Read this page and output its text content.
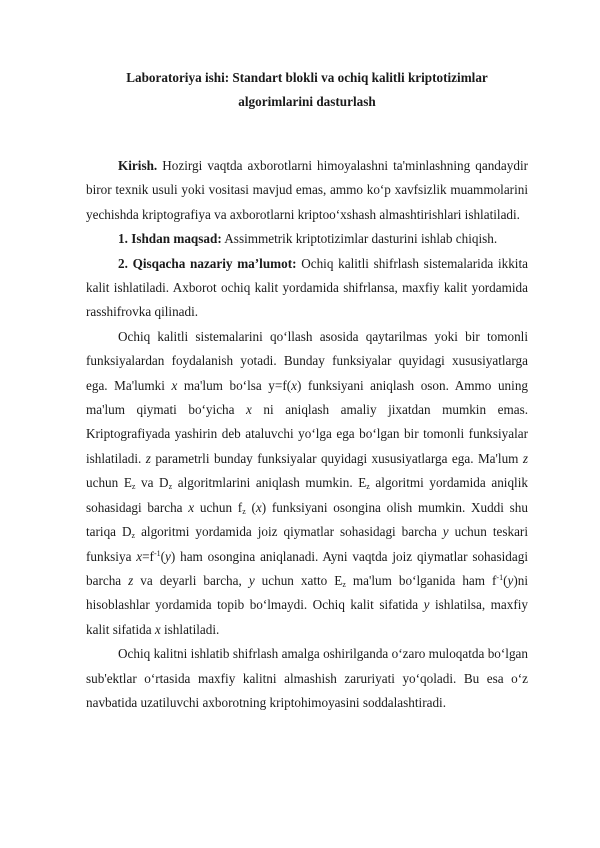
Laboratoriya ishi: Standart blokli va ochiq kalitli kriptotizimlar
algorimlarini dasturlash

Kirish. Hozirgi vaqtda axborotlarni himoyalashni ta'minlashning qandaydir biror texnik usuli yoki vositasi mavjud emas, ammo koʻp xavfsizlik muammolarini yechishda kriptografiya va axborotlarni kriptooʻxshash almashtirishlari ishlatiladi.

1. Ishdan maqsad: Assimmetrik kriptotizimlar dasturini ishlab chiqish.

2. Qisqacha nazariy maʼlumot: Ochiq kalitli shifrlash sistemalarida ikkita kalit ishlatiladi. Axborot ochiq kalit yordamida shifrlansa, maxfiy kalit yordamida rasshifrovka qilinadi.

Ochiq kalitli sistemalarini qoʻllash asosida qaytarilmas yoki bir tomonli funksiyalardan foydalanish yotadi. Bunday funksiyalar quyidagi xususiyatlarga ega. Ma'lumki x ma'lum boʻlsa y=f(x) funksiyani aniqlash oson. Ammo uning ma'lum qiymati boʻyicha x ni aniqlash amaliy jixatdan mumkin emas. Kriptografiyada yashirin deb ataluvchi yoʻlga ega boʻlgan bir tomonli funksiyalar ishlatiladi. z parametrli bunday funksiyalar quyidagi xususiyatlarga ega. Ma'lum z uchun $E_z$ va $D_z$ algoritmlarini aniqlash mumkin. $E_z$ algoritmi yordamida aniqlik sohasidagi barcha x uchun $f_z$ (x) funksiyani osongina olish mumkin. Xuddi shu tariqa $D_z$ algoritmi yordamida joiz qiymatlar sohasidagi barcha y uchun teskari funksiya $x=f^{-1}(y)$ ham osongina aniqlanadi. Ayni vaqtda joiz qiymatlar sohasidagi barcha z va deyarli barcha, y uchun xatto $E_z$ ma'lum boʻlganida ham $f^{-1}(y)ni$ hisoblashlar yordamida topib boʻlmaydi. Ochiq kalit sifatida y ishlatilsa, maxfiy kalit sifatida x ishlatiladi.

Ochiq kalitni ishlatib shifrlash amalga oshirilganda oʻzaro muloqatda boʻlgan sub'ektlar oʻrtasida maxfiy kalitni almashish zaruriyati yoʻqoladi. Bu esa oʻz navbatida uzatiluvchi axborotning kriptohimoyasini soddalashtiradi.
